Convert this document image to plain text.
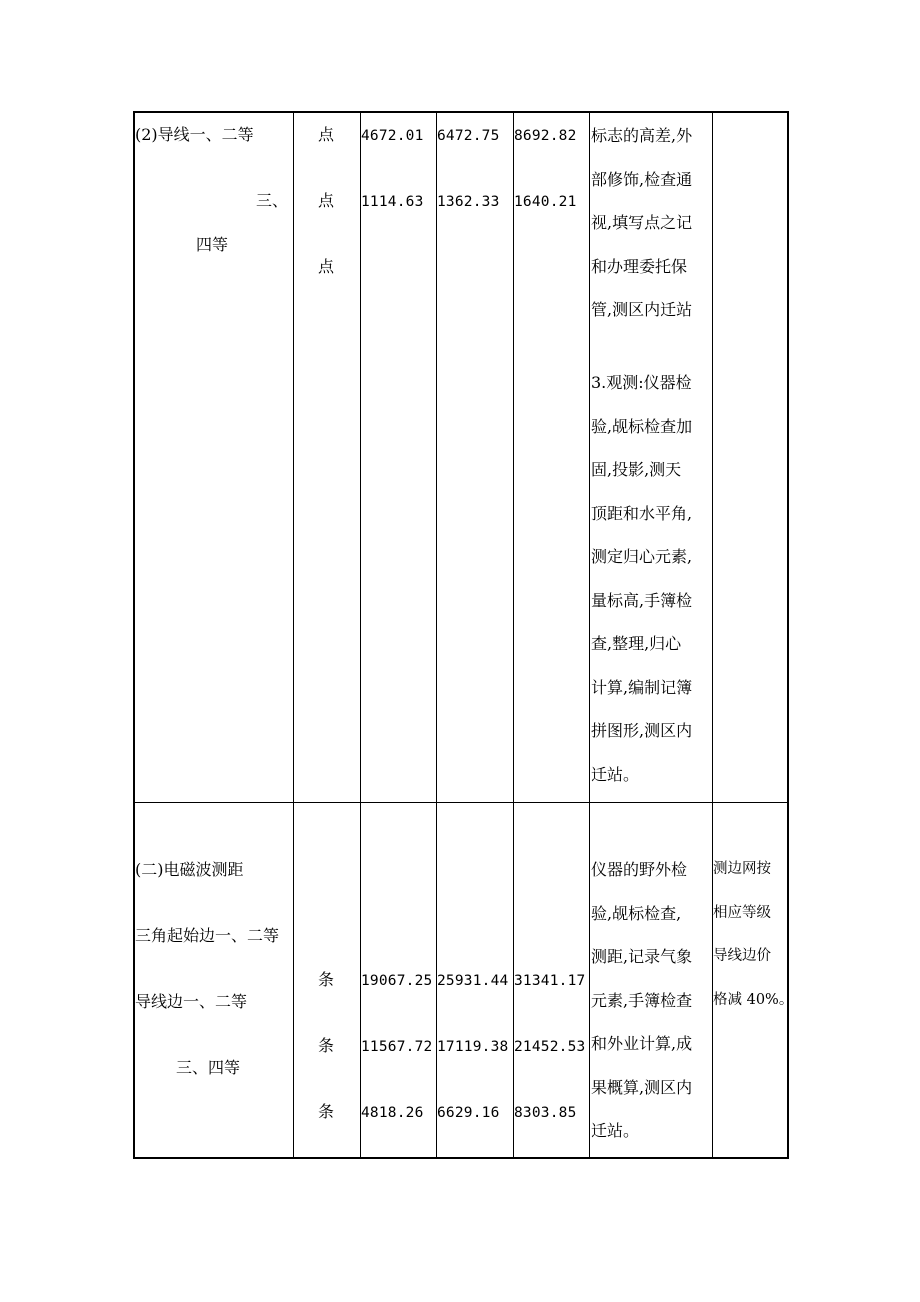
(2)导线一、二等
三、
四等
点
点
点
4672.01
1114.63
6472.75
1362.33
8692.82
1640.21
标志的高差,外
部修饰,检查通
视,填写点之记
和办理委托保
管,测区内迁站
3.观测:仪器检
验,觇标检查加
固,投影,测天
顶距和水平角,
测定归心元素,
量标高,手簿检
查,整理,归心
计算,编制记簿
拼图形,测区内
迁站。
(二)电磁波测距
三角起始边一、二等
导线边一、二等
三、四等
条
条
条
19067.25
11567.72
4818.26
25931.44
17119.38
6629.16
31341.17
21452.53
8303.85
仪器的野外检
验,觇标检查,
测距,记录气象
元素,手簿检查
和外业计算,成
果概算,测区内
迁站。
测边网按
相应等级
导线边价
格减 40%。
